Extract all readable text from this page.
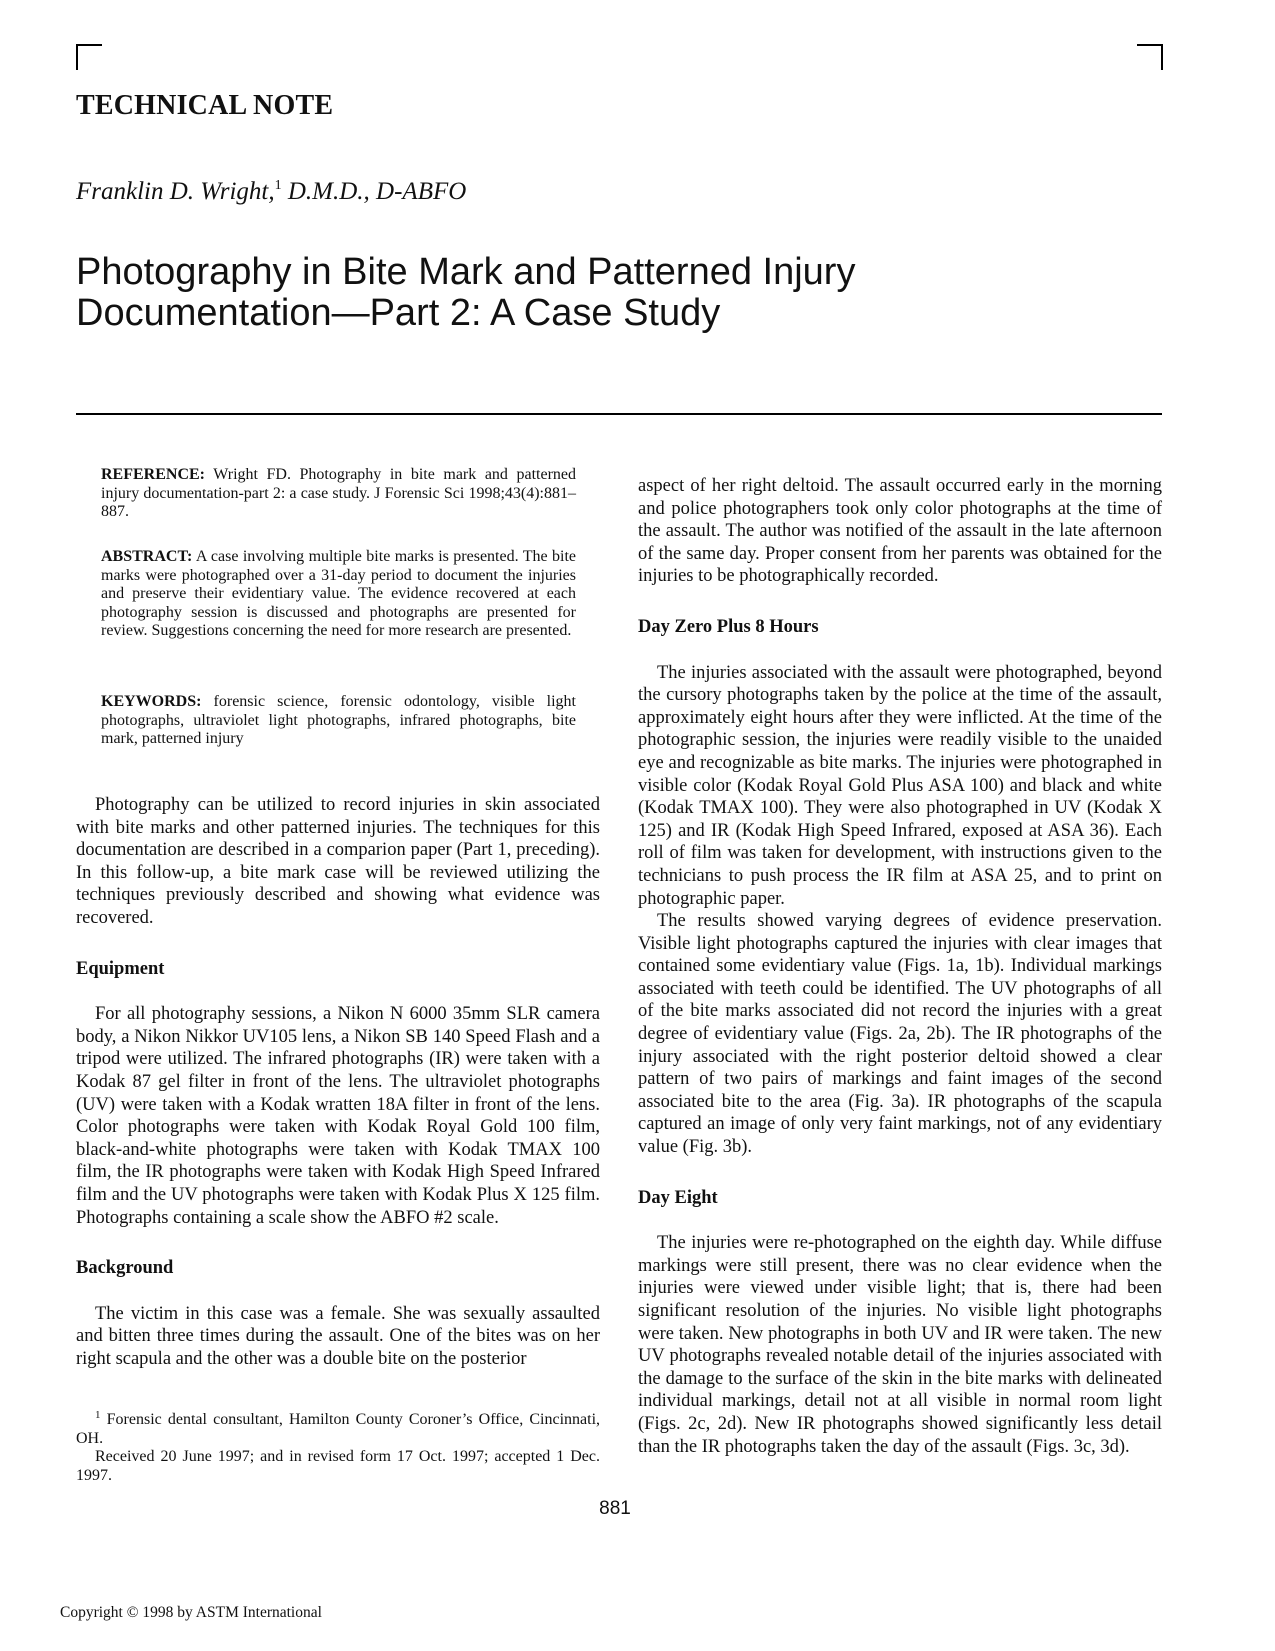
TECHNICAL NOTE
Franklin D. Wright,$^1$ D.M.D., D-ABFO
Photography in Bite Mark and Patterned Injury
Documentation—Part 2: A Case Study
REFERENCE: Wright FD. Photography in bite mark and patterned injury documentation-part 2: a case study. J Forensic Sci 1998;43(4):881–887.
ABSTRACT: A case involving multiple bite marks is presented. The bite marks were photographed over a 31-day period to document the injuries and preserve their evidentiary value. The evidence recovered at each photography session is discussed and photographs are presented for review. Suggestions concerning the need for more research are presented.
KEYWORDS: forensic science, forensic odontology, visible light photographs, ultraviolet light photographs, infrared photographs, bite mark, patterned injury

Photography can be utilized to record injuries in skin associated with bite marks and other patterned injuries. The techniques for this documentation are described in a comparion paper (Part 1, preceding). In this follow-up, a bite mark case will be reviewed utilizing the techniques previously described and showing what evidence was recovered.

Equipment

For all photography sessions, a Nikon N 6000 35mm SLR camera body, a Nikon Nikkor UV105 lens, a Nikon SB 140 Speed Flash and a tripod were utilized. The infrared photographs (IR) were taken with a Kodak 87 gel filter in front of the lens. The ultraviolet photographs (UV) were taken with a Kodak wratten 18A filter in front of the lens. Color photographs were taken with Kodak Royal Gold 100 film, black-and-white photographs were taken with Kodak TMAX 100 film, the IR photographs were taken with Kodak High Speed Infrared film and the UV photographs were taken with Kodak Plus X 125 film. Photographs containing a scale show the ABFO #2 scale.

Background

The victim in this case was a female. She was sexually assaulted and bitten three times during the assault. One of the bites was on her right scapula and the other was a double bite on the posterior

$^1$ Forensic dental consultant, Hamilton County Coroner’s Office, Cincinnati, OH.

Received 20 June 1997; and in revised form 17 Oct. 1997; accepted 1 Dec. 1997.

aspect of her right deltoid. The assault occurred early in the morning and police photographers took only color photographs at the time of the assault. The author was notified of the assault in the late afternoon of the same day. Proper consent from her parents was obtained for the injuries to be photographically recorded.

Day Zero Plus 8 Hours

The injuries associated with the assault were photographed, beyond the cursory photographs taken by the police at the time of the assault, approximately eight hours after they were inflicted. At the time of the photographic session, the injuries were readily visible to the unaided eye and recognizable as bite marks. The injuries were photographed in visible color (Kodak Royal Gold Plus ASA 100) and black and white (Kodak TMAX 100). They were also photographed in UV (Kodak X 125) and IR (Kodak High Speed Infrared, exposed at ASA 36). Each roll of film was taken for development, with instructions given to the technicians to push process the IR film at ASA 25, and to print on photographic paper.

The results showed varying degrees of evidence preservation. Visible light photographs captured the injuries with clear images that contained some evidentiary value (Figs. 1a, 1b). Individual markings associated with teeth could be identified. The UV photographs of all of the bite marks associated did not record the injuries with a great degree of evidentiary value (Figs. 2a, 2b). The IR photographs of the injury associated with the right posterior deltoid showed a clear pattern of two pairs of markings and faint images of the second associated bite to the area (Fig. 3a). IR photographs of the scapula captured an image of only very faint markings, not of any evidentiary value (Fig. 3b).

Day Eight

The injuries were re-photographed on the eighth day. While diffuse markings were still present, there was no clear evidence when the injuries were viewed under visible light; that is, there had been significant resolution of the injuries. No visible light photographs were taken. New photographs in both UV and IR were taken. The new UV photographs revealed notable detail of the injuries associated with the damage to the surface of the skin in the bite marks with delineated individual markings, detail not at all visible in normal room light (Figs. 2c, 2d). New IR photographs showed significantly less detail than the IR photographs taken the day of the assault (Figs. 3c, 3d).

881
Copyright © 1998 by ASTM International
